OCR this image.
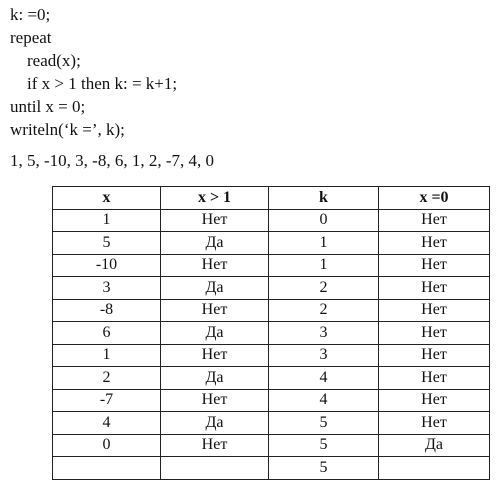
k: =0;
repeat
read(x);
if x > 1 then k: = k+1;
until x = 0;
writeln(‘k =’, k);
1, 5, -10, 3, -8, 6, 1, 2, -7, 4, 0
x	x > 1	k	x =0
1	Нет	0	Нет
5	Да	1	Нет
-10	Нет	1	Нет
3	Да	2	Нет
-8	Нет	2	Нет
6	Да	3	Нет
1	Нет	3	Нет
2	Да	4	Нет
-7	Нет	4	Нет
4	Да	5	Нет
0	Нет	5	Да
		5	
